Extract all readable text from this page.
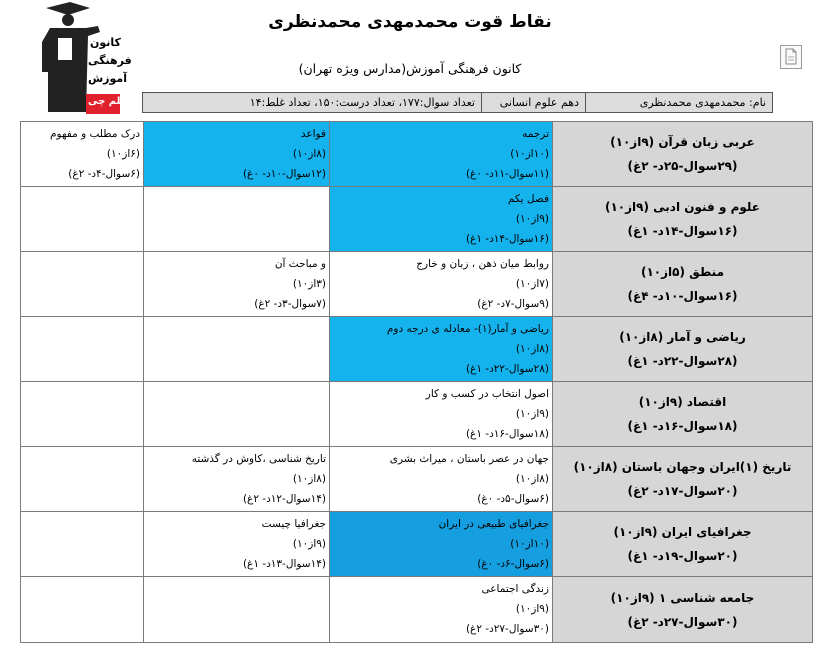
کانون
فرهنگی
آموزش
قلم چی
نقاط قوت محمدمهدی محمدنظری
کانون فرهنگی آموزش(مدارس ویژه تهران)
نام: محمدمهدی محمدنظری
دهم علوم انسانی
تعداد سوال:۱۷۷، تعداد درست:۱۵۰، تعداد غلط:۱۴
درک مطلب و مفهوم
(۶از۱۰)
(۶سوال-۴د- ۲غ)	قواعد
(۸از۱۰)
(۱۲سوال-۱۰د- ۰غ)	ترجمه
(۱۰از۱۰)
(۱۱سوال-۱۱د- ۰غ)	عربی زبان قرآن (۹از۱۰)
(۲۹سوال-۲۵د- ۲غ)

		فصل یکم
(۹از۱۰)
(۱۶سوال-۱۴د- ۱غ)	علوم و فنون ادبی (۹از۱۰)
(۱۶سوال-۱۴د- ۱غ)

	و مباحث آن
(۳از۱۰)
(۷سوال-۳د- ۲غ)	روابط میان ذهن ، زبان و خارج
(۷از۱۰)
(۹سوال-۷د- ۲غ)	منطق (۵از۱۰)
(۱۶سوال-۱۰د- ۴غ)

		ریاضی و آمار(۱)- معادله ی درجه دوم
(۸از۱۰)
(۲۸سوال-۲۲د- ۱غ)	ریاضی و آمار (۸از۱۰)
(۲۸سوال-۲۲د- ۱غ)

		اصول انتخاب در کسب و کار
(۹از۱۰)
(۱۸سوال-۱۶د- ۱غ)	اقتصاد (۹از۱۰)
(۱۸سوال-۱۶د- ۱غ)

	تاریخ شناسی ،کاوش در گذشته
(۸از۱۰)
(۱۴سوال-۱۲د- ۲غ)	جهان در عصر باستان ، میراث بشری
(۸از۱۰)
(۶سوال-۵د- ۰غ)	تاریخ (۱)ایران وجهان باستان (۸از۱۰)
(۲۰سوال-۱۷د- ۲غ)

	جغرافیا چیست
(۹از۱۰)
(۱۴سوال-۱۳د- ۱غ)	جغرافیای طبیعی در ایران
(۱۰از۱۰)
(۶سوال-۶د- ۰غ)	جغرافیای ایران (۹از۱۰)
(۲۰سوال-۱۹د- ۱غ)

		زندگی اجتماعی
(۹از۱۰)
(۳۰سوال-۲۷د- ۲غ)	جامعه شناسی ۱ (۹از۱۰)
(۳۰سوال-۲۷د- ۲غ)
